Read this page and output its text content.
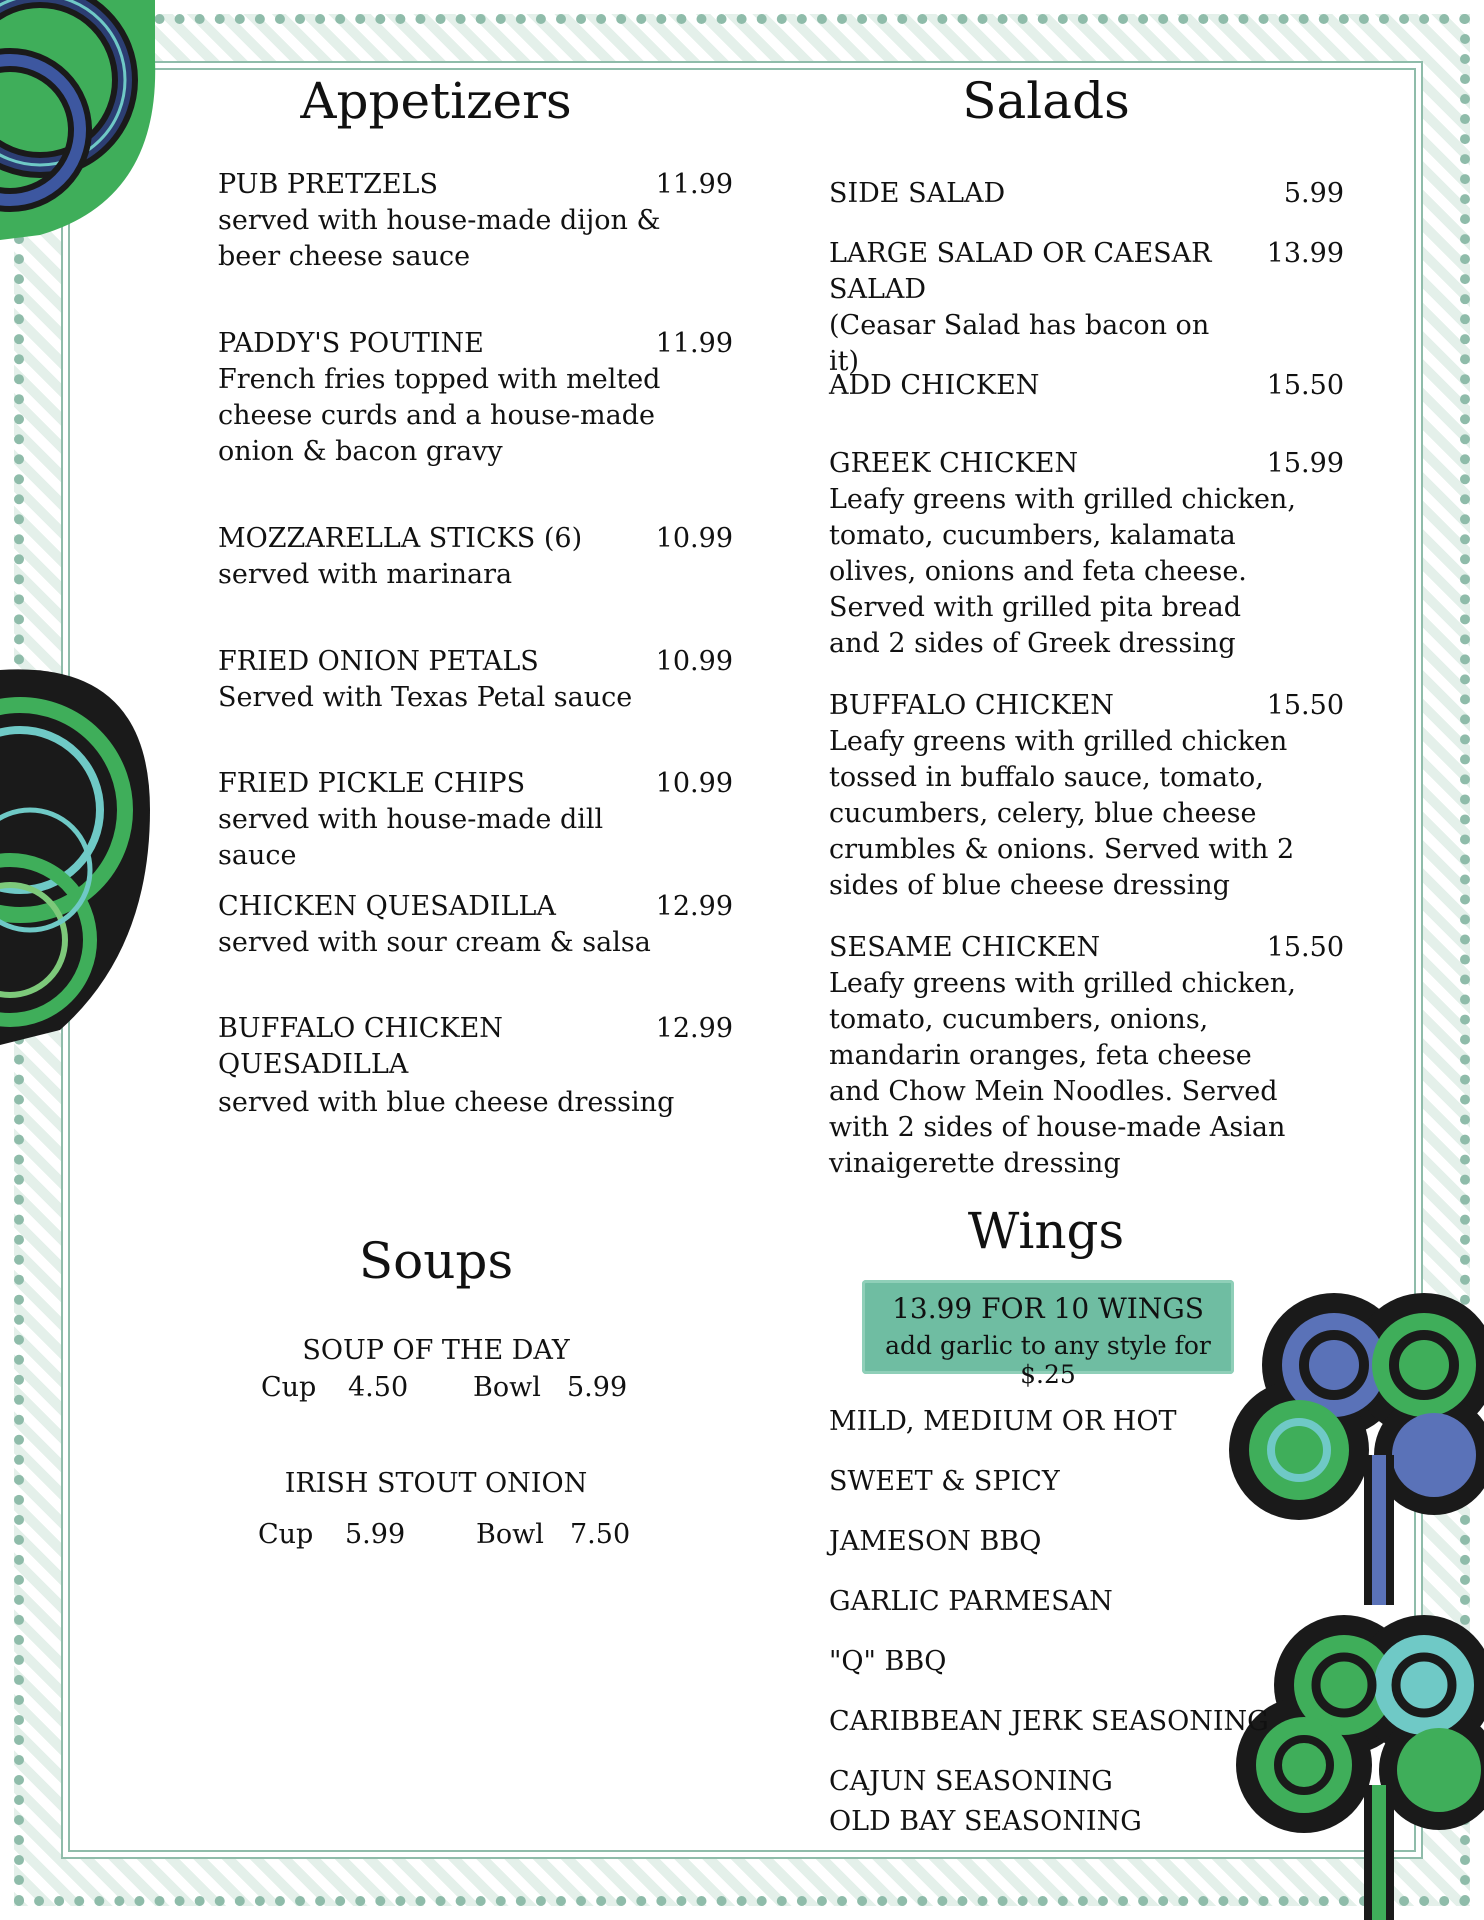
Appetizers
PUB PRETZELS
served with house-made dijon & beer cheese sauce
11.99
PADDY'S POUTINE
French fries topped with melted cheese curds and a house-made onion & bacon gravy
11.99
MOZZARELLA STICKS (6)
served with marinara
10.99
FRIED ONION PETALS
Served with Texas Petal sauce
10.99
FRIED PICKLE CHIPS
served with house-made dill sauce
10.99
CHICKEN QUESADILLA
served with sour cream & salsa
12.99
BUFFALO CHICKEN QUESADILLA
served with blue cheese dressing
12.99
Salads
SIDE SALAD	5.99
LARGE SALAD OR CAESAR SALAD
(Ceasar Salad has bacon on it)
13.99
ADD CHICKEN	15.50
GREEK CHICKEN
Leafy greens with grilled chicken, tomato, cucumbers, kalamata olives, onions and feta cheese. Served with grilled pita bread and 2 sides of Greek dressing
15.99
BUFFALO CHICKEN
Leafy greens with grilled chicken tossed in buffalo sauce, tomato, cucumbers, celery, blue cheese crumbles & onions. Served with 2 sides of blue cheese dressing
15.50
SESAME CHICKEN
Leafy greens with grilled chicken, tomato, cucumbers, onions, mandarin oranges, feta cheese and Chow Mein Noodles. Served with 2 sides of house-made Asian vinaigerette dressing
15.50
Soups
SOUP OF THE DAY
Cup 4.50 Bowl 5.99
IRISH STOUT ONION
Cup 5.99	Bowl 7.50
Wings
13.99 FOR 10 WINGS
add garlic to any style for $.25
MILD, MEDIUM OR HOT
SWEET & SPICY
JAMESON BBQ
GARLIC PARMESAN
"Q" BBQ
CARIBBEAN JERK SEASONING
CAJUN SEASONING
OLD BAY SEASONING
